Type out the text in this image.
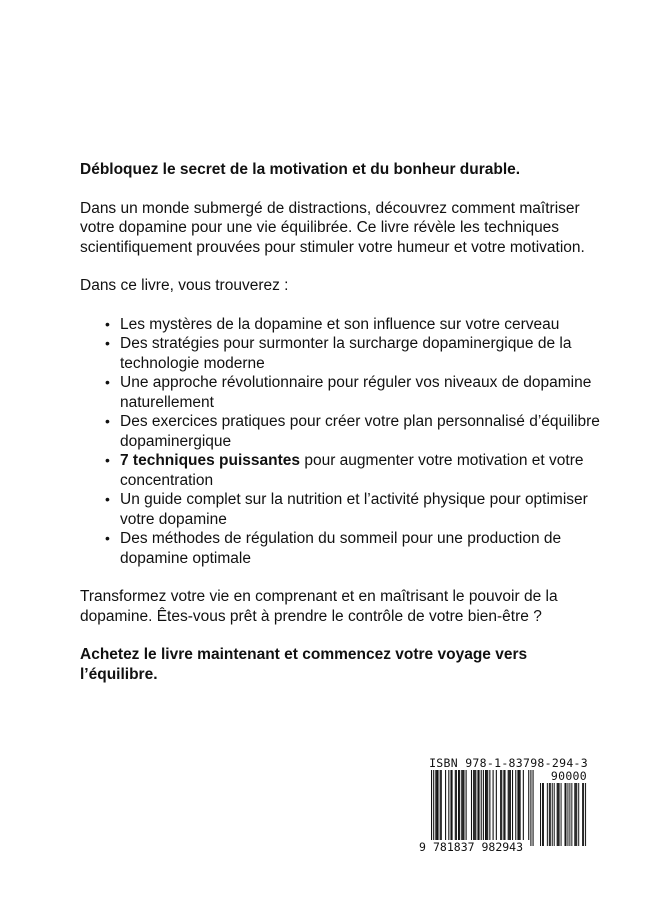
Débloquez le secret de la motivation et du bonheur durable.

Dans un monde submergé de distractions, découvrez comment maîtriser votre dopamine pour une vie équilibrée. Ce livre révèle les techniques scientifiquement prouvées pour stimuler votre humeur et votre motivation.

Dans ce livre, vous trouverez :

• Les mystères de la dopamine et son influence sur votre cerveau
• Des stratégies pour surmonter la surcharge dopaminergique de la technologie moderne
• Une approche révolutionnaire pour réguler vos niveaux de dopamine naturellement
• Des exercices pratiques pour créer votre plan personnalisé d’équilibre dopaminergique
• 7 techniques puissantes pour augmenter votre motivation et votre concentration
• Un guide complet sur la nutrition et l’activité physique pour optimiser votre dopamine
• Des méthodes de régulation du sommeil pour une production de dopamine optimale

Transformez votre vie en comprenant et en maîtrisant le pouvoir de la dopamine. Êtes-vous prêt à prendre le contrôle de votre bien-être ?

Achetez le livre maintenant et commencez votre voyage vers l’équilibre.

ISBN 978-1-83798-294-3
90000
9 781837 982943
